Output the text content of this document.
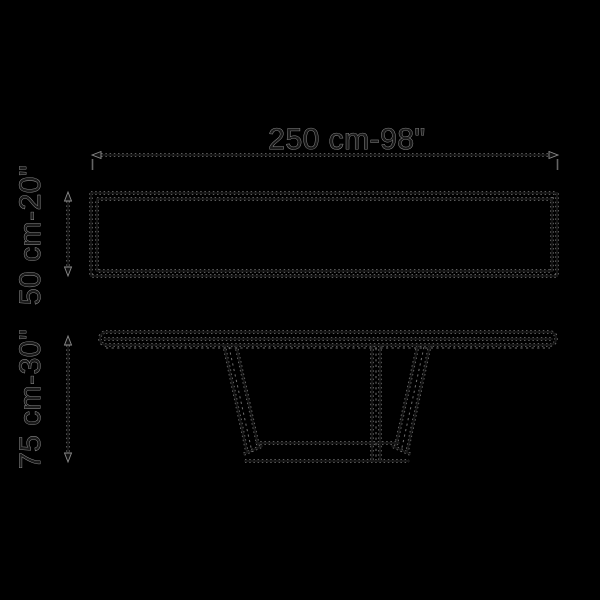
250 cm-98"
50 cm-20"
75 cm-30"
